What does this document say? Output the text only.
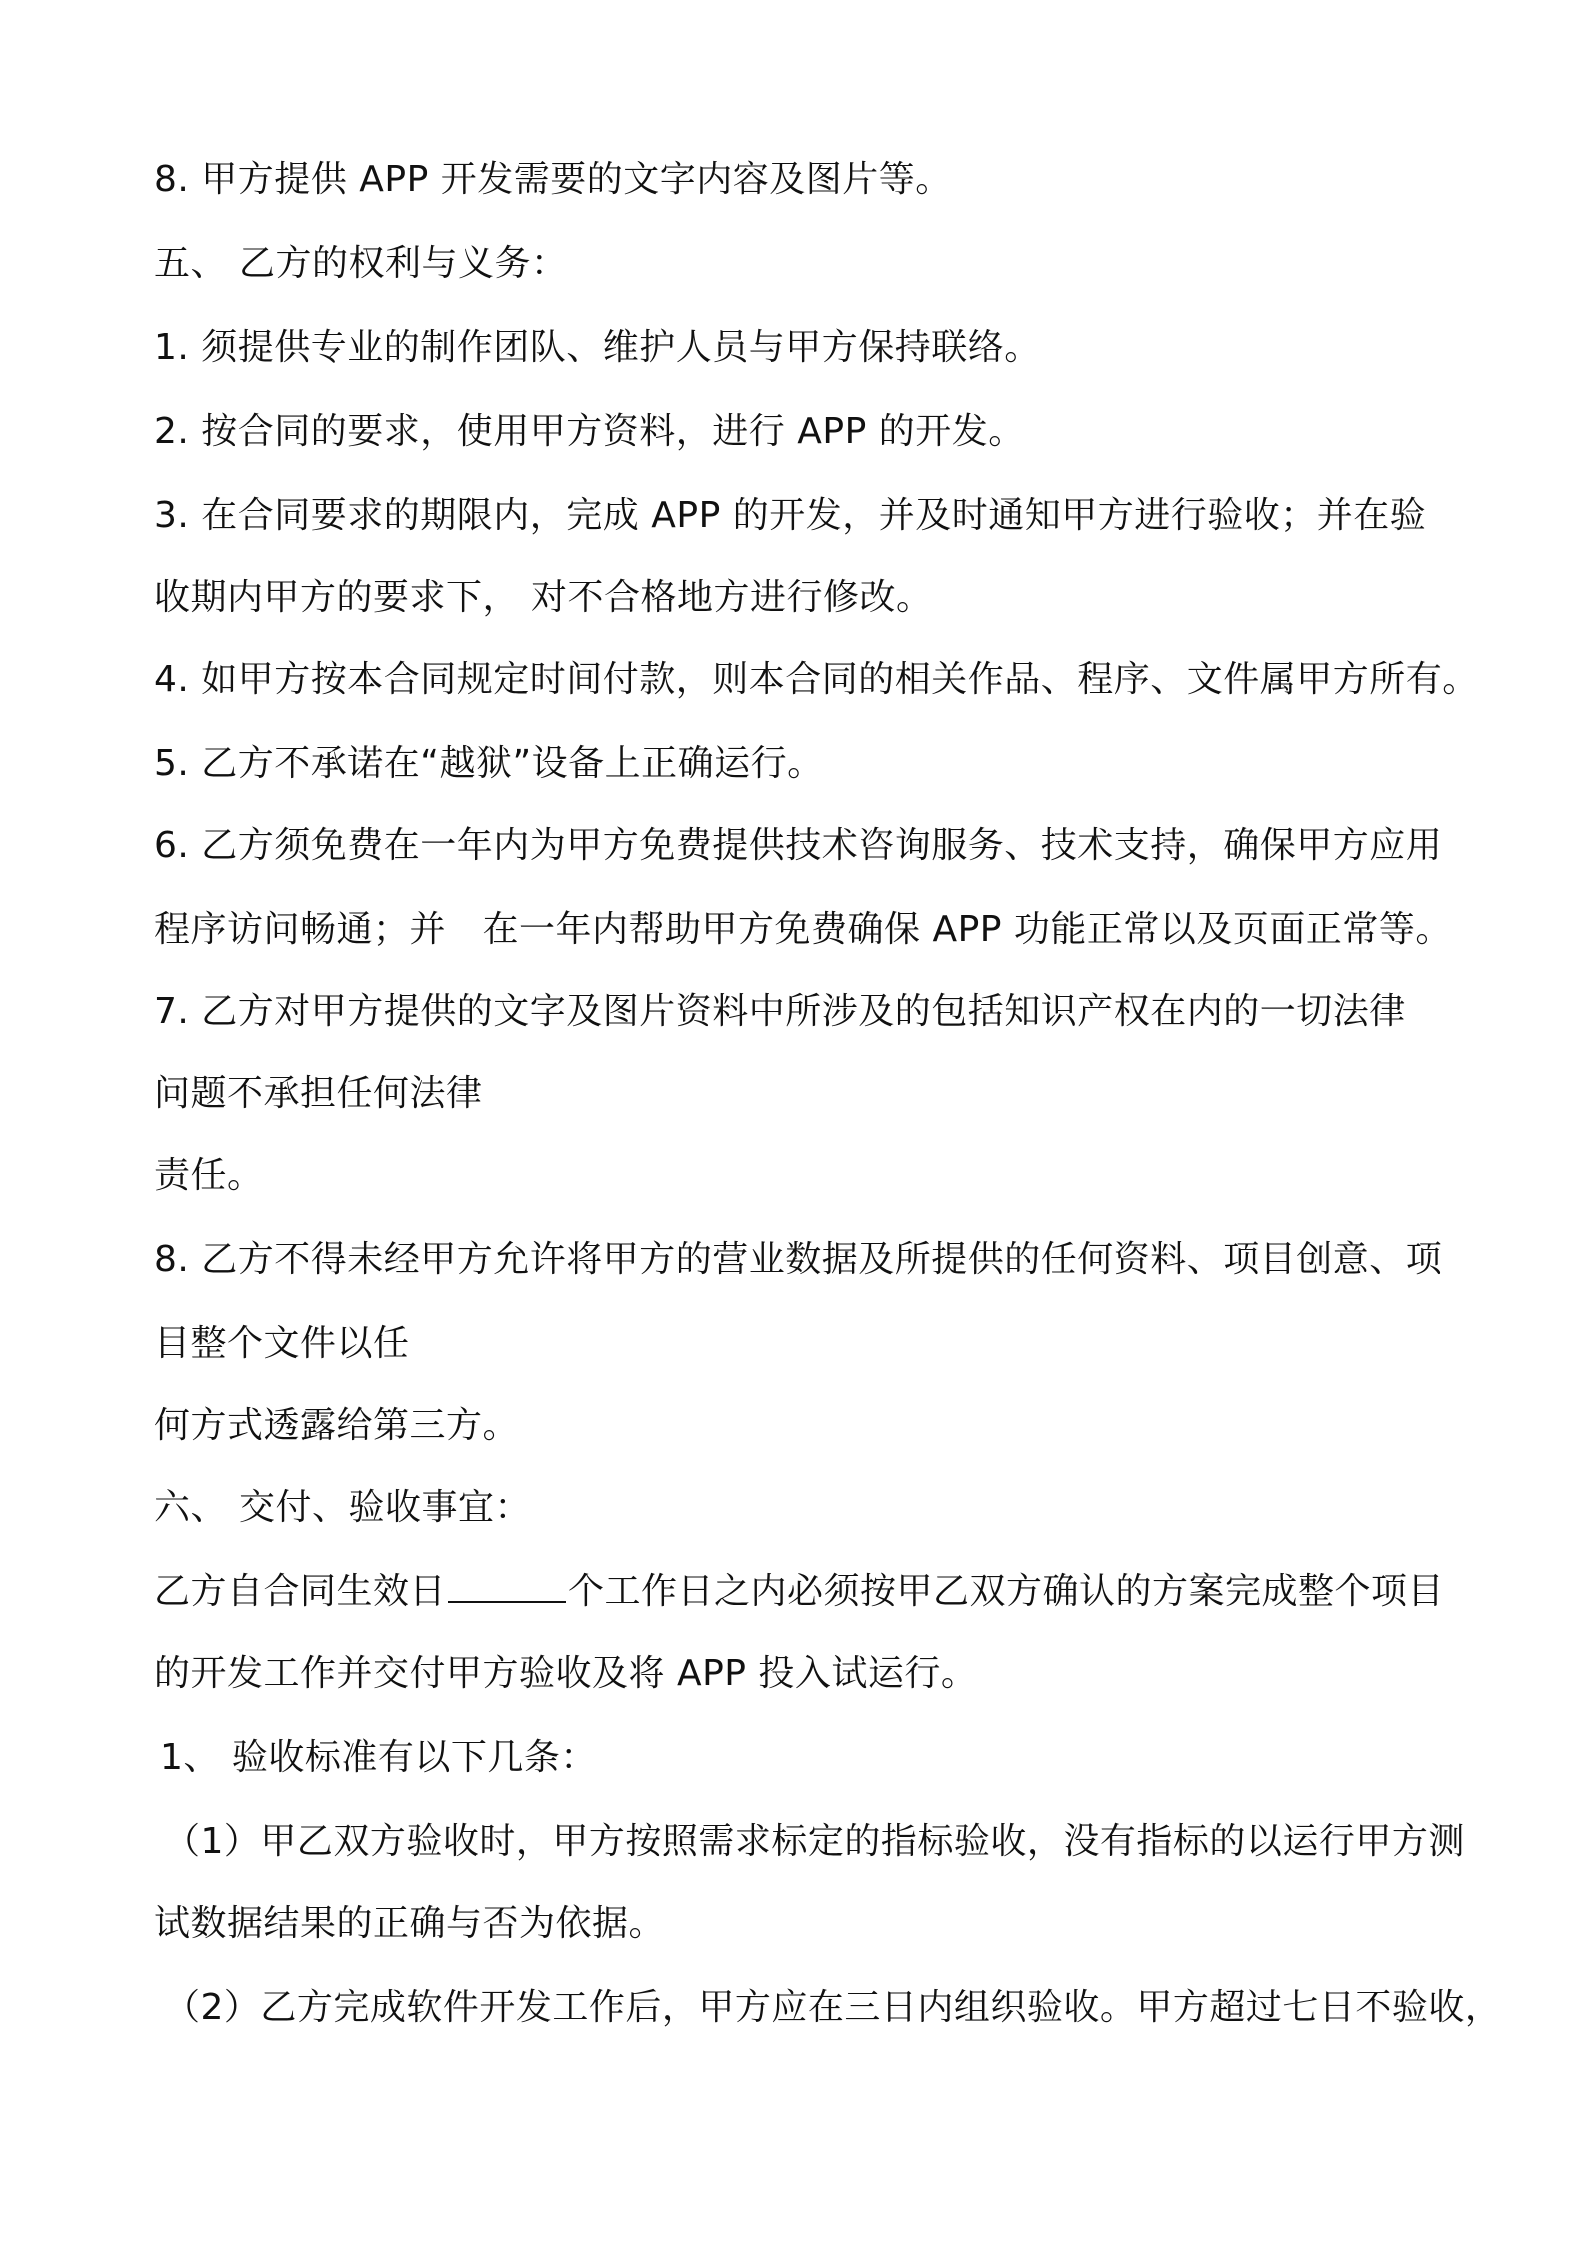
8. 甲方提供 APP 开发需要的文字内容及图片等。

五、 乙方的权利与义务：

1. 须提供专业的制作团队、维护人员与甲方保持联络。

2. 按合同的要求，使用甲方资料，进行 APP 的开发。

3. 在合同要求的期限内，完成 APP 的开发，并及时通知甲方进行验收；并在验

收期内甲方的要求下， 对不合格地方进行修改。

4. 如甲方按本合同规定时间付款，则本合同的相关作品、程序、文件属甲方所有。

5. 乙方不承诺在“越狱”设备上正确运行。

6. 乙方须免费在一年内为甲方免费提供技术咨询服务、技术支持，确保甲方应用

程序访问畅通；并　在一年内帮助甲方免费确保 APP 功能正常以及页面正常等。

7. 乙方对甲方提供的文字及图片资料中所涉及的包括知识产权在内的一切法律

问题不承担任何法律

责任。

8. 乙方不得未经甲方允许将甲方的营业数据及所提供的任何资料、项目创意、项

目整个文件以任

何方式透露给第三方。

六、 交付、验收事宜：

乙方自合同生效日	个工作日之内必须按甲乙双方确认的方案完成整个项目

的开发工作并交付甲方验收及将 APP 投入试运行。

1、 验收标准有以下几条：

（1）甲乙双方验收时，甲方按照需求标定的指标验收，没有指标的以运行甲方测

试数据结果的正确与否为依据。

（2）乙方完成软件开发工作后，甲方应在三日内组织验收。甲方超过七日不验收，
